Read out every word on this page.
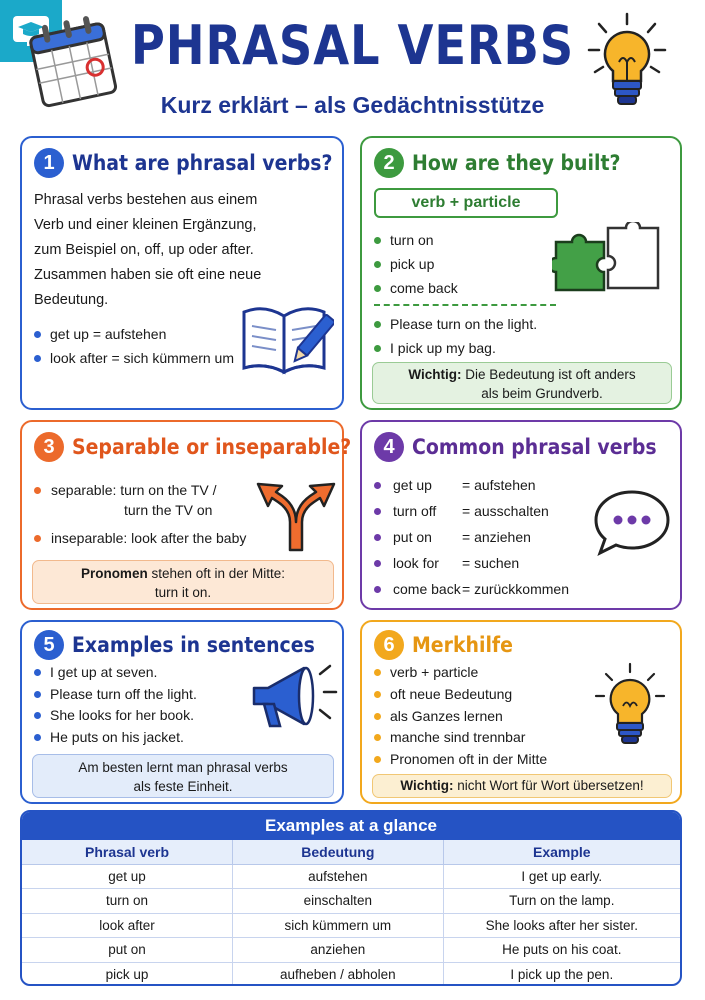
PHRASAL VERBS
Kurz erklärt – als Gedächtnisstütze
1 What are phrasal verbs?
Phrasal verbs bestehen aus einem
Verb und einer kleinen Ergänzung,
zum Beispiel on, off, up oder after.
Zusammen haben sie oft eine neue
Bedeutung.
get up = aufstehen
look after = sich kümmern um
2 How are they built?
verb + particle
turn on
pick up
come back
Please turn on the light.
I pick up my bag.
Wichtig: Die Bedeutung ist oft anders
als beim Grundverb.
3 Separable or inseparable?
separable:
turn on the TV /
turn the TV on
inseparable:
look after the baby
Pronomen stehen oft in der Mitte:
turn it on.
4 Common phrasal verbs
get up = aufstehen
turn off = ausschalten
put on = anziehen
look for = suchen
come back = zurückkommen
5 Examples in sentences
I get up at seven.
Please turn off the light.
She looks for her book.
He puts on his jacket.
Am besten lernt man phrasal verbs
als feste Einheit.
6 Merkhilfe
verb + particle
oft neue Bedeutung
als Ganzes lernen
manche sind trennbar
Pronomen oft in der Mitte
Wichtig: nicht Wort für Wort übersetzen!
Examples at a glance
Phrasal verb	Bedeutung	Example
get up	aufstehen	I get up early.
turn on	einschalten	Turn on the lamp.
look after	sich kümmern um	She looks after her sister.
put on	anziehen	He puts on his coat.
pick up	aufheben / abholen	I pick up the pen.
